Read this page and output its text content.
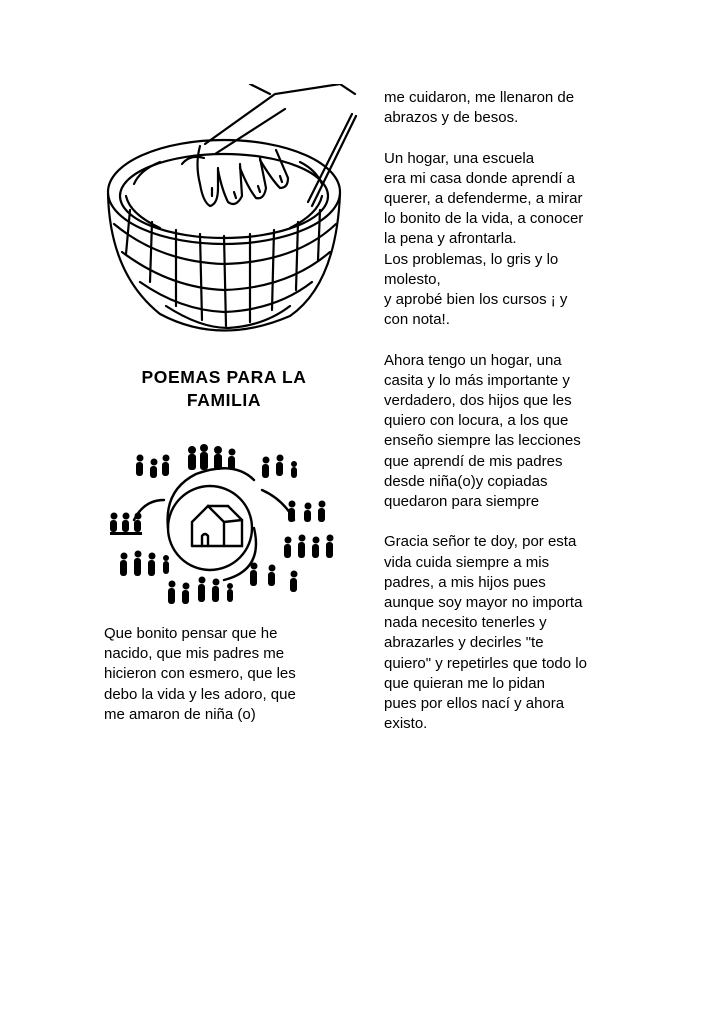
POEMAS PARA LA
FAMILIA
Que bonito pensar que he
nacido, que mis padres me
hicieron con esmero, que les
debo la vida y les adoro, que
me amaron de niña (o)
me cuidaron, me llenaron de
abrazos y de besos.
Un hogar, una escuela
era mi casa donde aprendí a
querer, a defenderme, a mirar
lo bonito de la vida, a conocer
la pena y afrontarla.
Los problemas, lo gris y lo
molesto,
y aprobé bien los cursos ¡ y
con nota!.
Ahora tengo un hogar, una
casita y lo más importante y
verdadero, dos hijos que les
quiero con locura, a los que
enseño siempre las lecciones
que aprendí de mis padres
desde niña(o)y copiadas
quedaron para siempre
Gracia señor te doy, por esta
vida cuida siempre a mis
padres, a mis hijos pues
aunque soy mayor no importa
nada necesito tenerles y
abrazarles y decirles "te
quiero" y repetirles que todo lo
que quieran me lo pidan
pues por ellos nací y ahora
existo.
